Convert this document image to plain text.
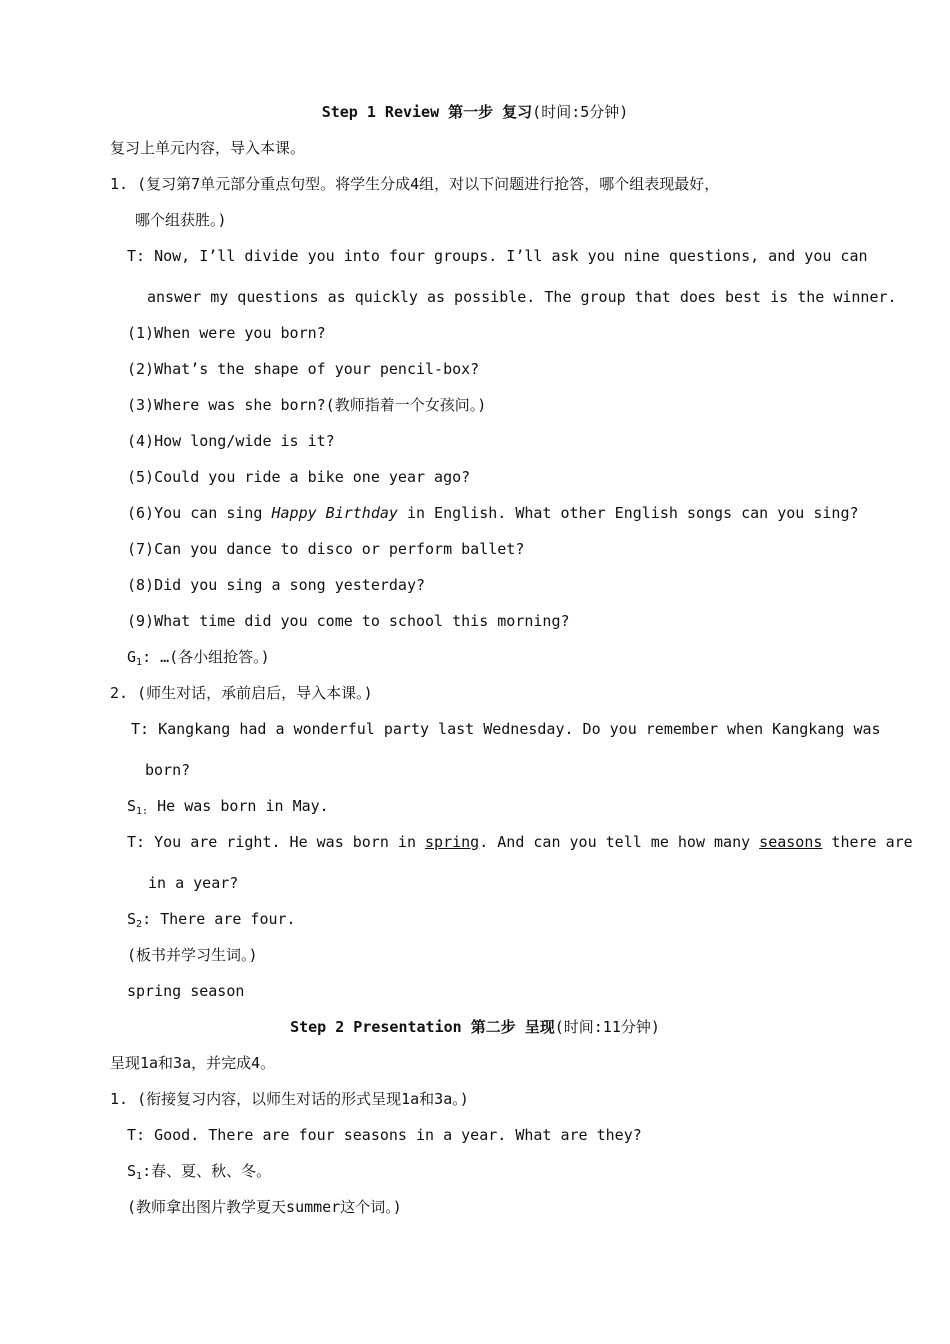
Step 1 Review 第一步 复习(时间:5分钟)
复习上单元内容，导入本课。
1. (复习第7单元部分重点句型。将学生分成4组，对以下问题进行抢答，哪个组表现最好，
哪个组获胜。)
T: Now, I’ll divide you into four groups. I’ll ask you nine questions, and you can
answer my questions as quickly as possible. The group that does best is the winner.
(1)When were you born?
(2)What’s the shape of your pencil-box?
(3)Where was she born?(教师指着一个女孩问。)
(4)How long/wide is it?
(5)Could you ride a bike one year ago?
(6)You can sing Happy Birthday in English. What other English songs can you sing?
(7)Can you dance to disco or perform ballet?
(8)Did you sing a song yesterday?
(9)What time did you come to school this morning?
$G_1$: …(各小组抢答。)
2. (师生对话，承前启后，导入本课。)
T: Kangkang had a wonderful party last Wednesday. Do you remember when Kangkang was
born?
$S_{1:}$ He was born in May.
T: You are right. He was born in spring. And can you tell me how many seasons there are
in a year?
$S_2$: There are four.
(板书并学习生词。)
spring season
Step 2 Presentation 第二步 呈现(时间:11分钟)
呈现1a和3a，并完成4。
1. (衔接复习内容，以师生对话的形式呈现1a和3a。)
T: Good. There are four seasons in a year. What are they?
$S_1$:春、夏、秋、冬。
(教师拿出图片教学夏天summer这个词。)
